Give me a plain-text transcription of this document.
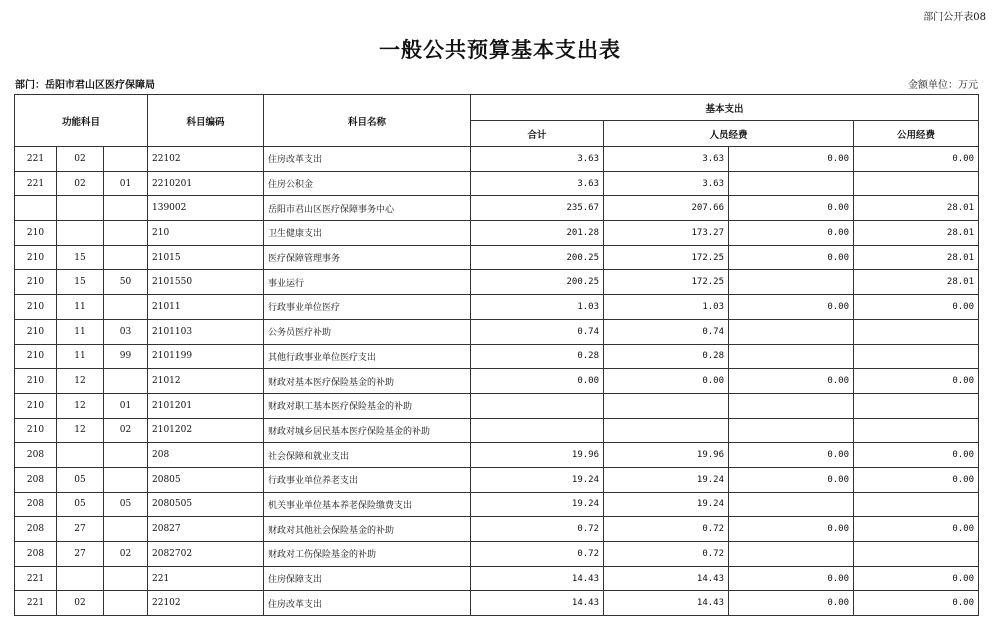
部门公开表08
一般公共预算基本支出表
部门：岳阳市君山区医疗保障局	金额单位：万元
功能科目			科目编码	科目名称	基本支出			
					合计	人员经费		公用经费
221	02		22102	住房改革支出	3.63	3.63	0.00	0.00
221	02	01	2210201	住房公积金	3.63	3.63		
			139002	岳阳市君山区医疗保障事务中心	235.67	207.66	0.00	28.01
210			210	卫生健康支出	201.28	173.27	0.00	28.01
210	15		21015	医疗保障管理事务	200.25	172.25	0.00	28.01
210	15	50	2101550	事业运行	200.25	172.25		28.01
210	11		21011	行政事业单位医疗	1.03	1.03	0.00	0.00
210	11	03	2101103	公务员医疗补助	0.74	0.74		
210	11	99	2101199	其他行政事业单位医疗支出	0.28	0.28		
210	12		21012	财政对基本医疗保险基金的补助	0.00	0.00	0.00	0.00
210	12	01	2101201	财政对职工基本医疗保险基金的补助				
210	12	02	2101202	财政对城乡居民基本医疗保险基金的补助				
208			208	社会保障和就业支出	19.96	19.96	0.00	0.00
208	05		20805	行政事业单位养老支出	19.24	19.24	0.00	0.00
208	05	05	2080505	机关事业单位基本养老保险缴费支出	19.24	19.24		
208	27		20827	财政对其他社会保险基金的补助	0.72	0.72	0.00	0.00
208	27	02	2082702	财政对工伤保险基金的补助	0.72	0.72		
221			221	住房保障支出	14.43	14.43	0.00	0.00
221	02		22102	住房改革支出	14.43	14.43	0.00	0.00
